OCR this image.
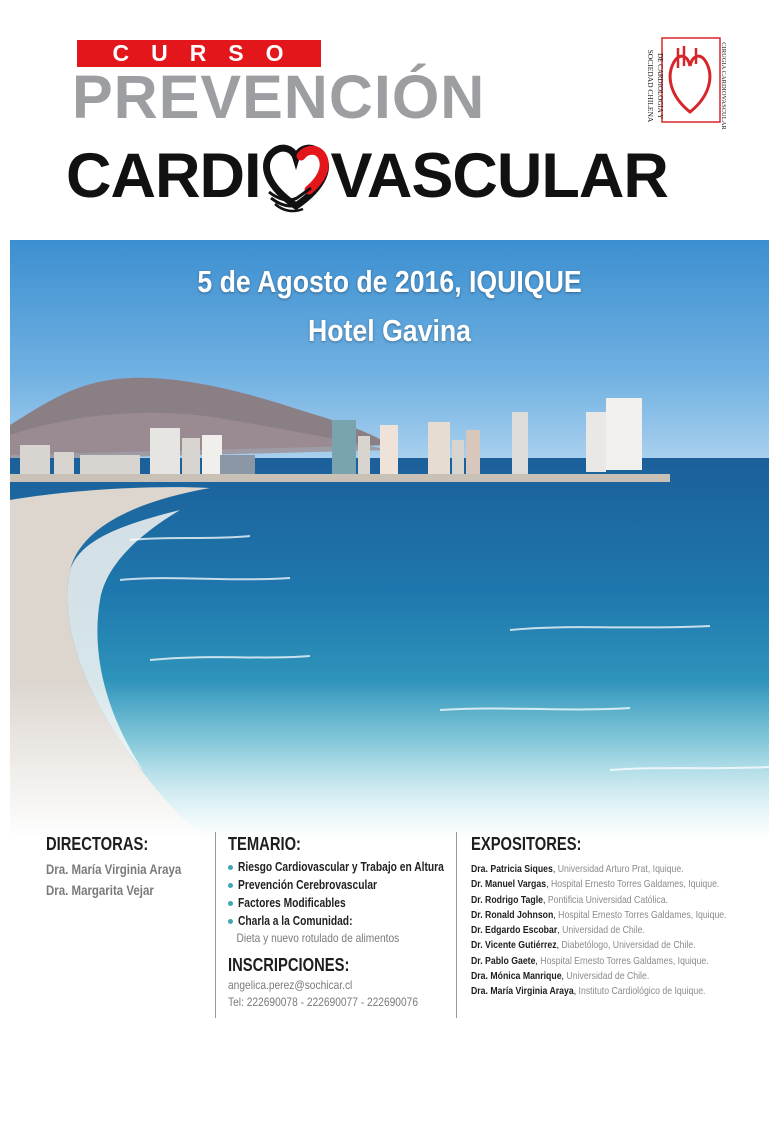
CURSO
PREVENCIÓN
CARDI VASCULAR
SOCIEDAD CHILENA DE CARDIOLOGIA Y	CIRUGIA CARDIOVASCULAR
5 de Agosto de 2016, IQUIQUE
Hotel Gavina
DIRECTORAS:
Dra. María Virginia Araya
Dra. Margarita Vejar
TEMARIO:
Riesgo Cardiovascular y Trabajo en Altura
Prevención Cerebrovascular
Factores Modificables
Charla a la Comunidad:
Dieta y nuevo rotulado de alimentos
INSCRIPCIONES:
angelica.perez@sochicar.cl
Tel: 222690078 - 222690077 - 222690076
EXPOSITORES:
Dra. Patricia Siques, Universidad Arturo Prat, Iquique.
Dr. Manuel Vargas, Hospital Ernesto Torres Galdames, Iquique.
Dr. Rodrigo Tagle, Pontificia Universidad Católica.
Dr. Ronald Johnson, Hospital Ernesto Torres Galdames, Iquique.
Dr. Edgardo Escobar, Universidad de Chile.
Dr. Vicente Gutiérrez, Diabetólogo, Universidad de Chile.
Dr. Pablo Gaete, Hospital Ernesto Torres Galdames, Iquique.
Dra. Mónica Manrique, Universidad de Chile.
Dra. María Virginia Araya, Instituto Cardiológico de Iquique.
